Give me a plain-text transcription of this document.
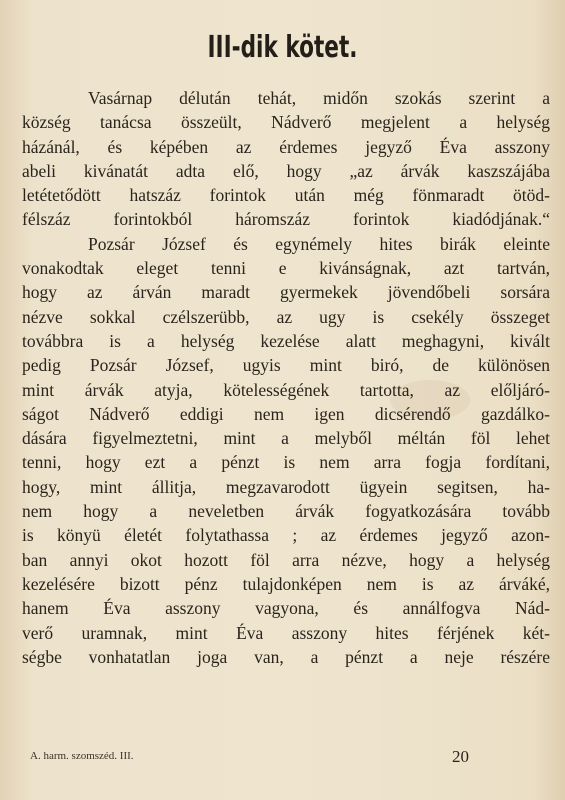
III-dik kötet.
Vasárnap délután tehát, midőn szokás szerint a
község tanácsa összeült, Nádverő megjelent a helység
házánál, és képében az érdemes jegyző Éva asszony
abeli kivánatát adta elő, hogy „az árvák kaszszájába
letétetődött hatszáz forintok után még fönmaradt ötöd-
félszáz forintokból háromszáz forintok kiadódjának.“
Pozsár József és egynémely hites birák eleinte
vonakodtak eleget tenni e kivánságnak, azt tartván,
hogy az árván maradt gyermekek jövendőbeli sorsára
nézve sokkal czélszerübb, az ugy is csekély összeget
továbbra is a helység kezelése alatt meghagyni, kivált
pedig Pozsár József, ugyis mint biró, de különösen
mint árvák atyja, kötelességének tartotta, az előljáró-
ságot Nádverő eddigi nem igen dicsérendő gazdálko-
dására figyelmeztetni, mint a melyből méltán föl lehet
tenni, hogy ezt a pénzt is nem arra fogja fordítani,
hogy, mint állitja, megzavarodott ügyein segitsen, ha-
nem hogy a neveletben árvák fogyatkozására tovább
is könyü életét folytathassa ; az érdemes jegyző azon-
ban annyi okot hozott föl arra nézve, hogy a helység
kezelésére bizott pénz tulajdonképen nem is az árváké,
hanem Éva asszony vagyona, és annálfogva Nád-
verő uramnak, mint Éva asszony hites férjének két-
ségbe vonhatatlan joga van, a pénzt a neje részére
A. harm. szomszéd. III.	20
